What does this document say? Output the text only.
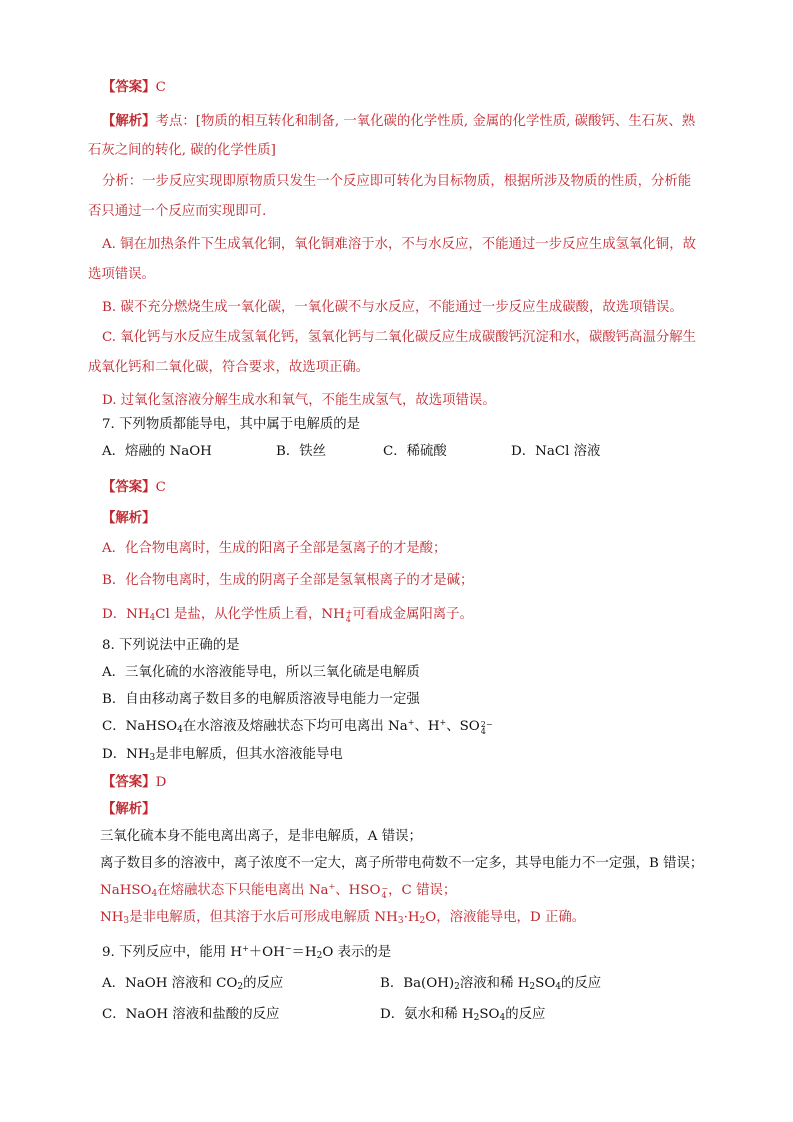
【答案】C
【解析】考点：[物质的相互转化和制备, 一氧化碳的化学性质, 金属的化学性质, 碳酸钙、生石灰、熟
石灰之间的转化, 碳的化学性质]
分析：一步反应实现即原物质只发生一个反应即可转化为目标物质，根据所涉及物质的性质，分析能
否只通过一个反应而实现即可．
A. 铜在加热条件下生成氧化铜，氧化铜难溶于水，不与水反应，不能通过一步反应生成氢氧化铜，故
选项错误。
B. 碳不充分燃烧生成一氧化碳，一氧化碳不与水反应，不能通过一步反应生成碳酸，故选项错误。
C. 氧化钙与水反应生成氢氧化钙，氢氧化钙与二氧化碳反应生成碳酸钙沉淀和水，碳酸钙高温分解生
成氧化钙和二氧化碳，符合要求，故选项正确。
D. 过氧化氢溶液分解生成水和氧气，不能生成氢气，故选项错误。
7. 下列物质都能导电，其中属于电解质的是
A．熔融的 NaOH	B．铁丝	C．稀硫酸	D．NaCl 溶液
【答案】C
【解析】
A．化合物电离时，生成的阳离子全部是氢离子的才是酸；
B．化合物电离时，生成的阴离子全部是氢氧根离子的才是碱；
D．$NH_4Cl$ 是盐，从化学性质上看，NH +
4 可看成金属阳离子。
8. 下列说法中正确的是
A．三氧化硫的水溶液能导电，所以三氧化硫是电解质
B．自由移动离子数目多的电解质溶液导电能力一定强
C．NaHSO$_4$在水溶液及熔融状态下均可电离出 Na+、H+、SO 2−
4
D．$NH_3$是非电解质，但其水溶液能导电
【答案】D
【解析】
三氧化硫本身不能电离出离子，是非电解质，A 错误；
离子数目多的溶液中，离子浓度不一定大，离子所带电荷数不一定多，其导电能力不一定强，B 错误；
NaHSO$_4$在熔融状态下只能电离出 Na+、HSO −
4 ，C 错误；
$NH_3$是非电解质，但其溶于水后可形成电解质 $NH_3\cdot H_2O$，溶液能导电，D 正确。
9. 下列反应中，能用 $H^++OH^-=H_2O$ 表示的是
A．NaOH 溶液和 $CO_2$的反应	B．$Ba(OH)_2$溶液和稀 $H_2SO_4$的反应
C．NaOH 溶液和盐酸的反应	D．氨水和稀 $H_2SO_4$的反应
